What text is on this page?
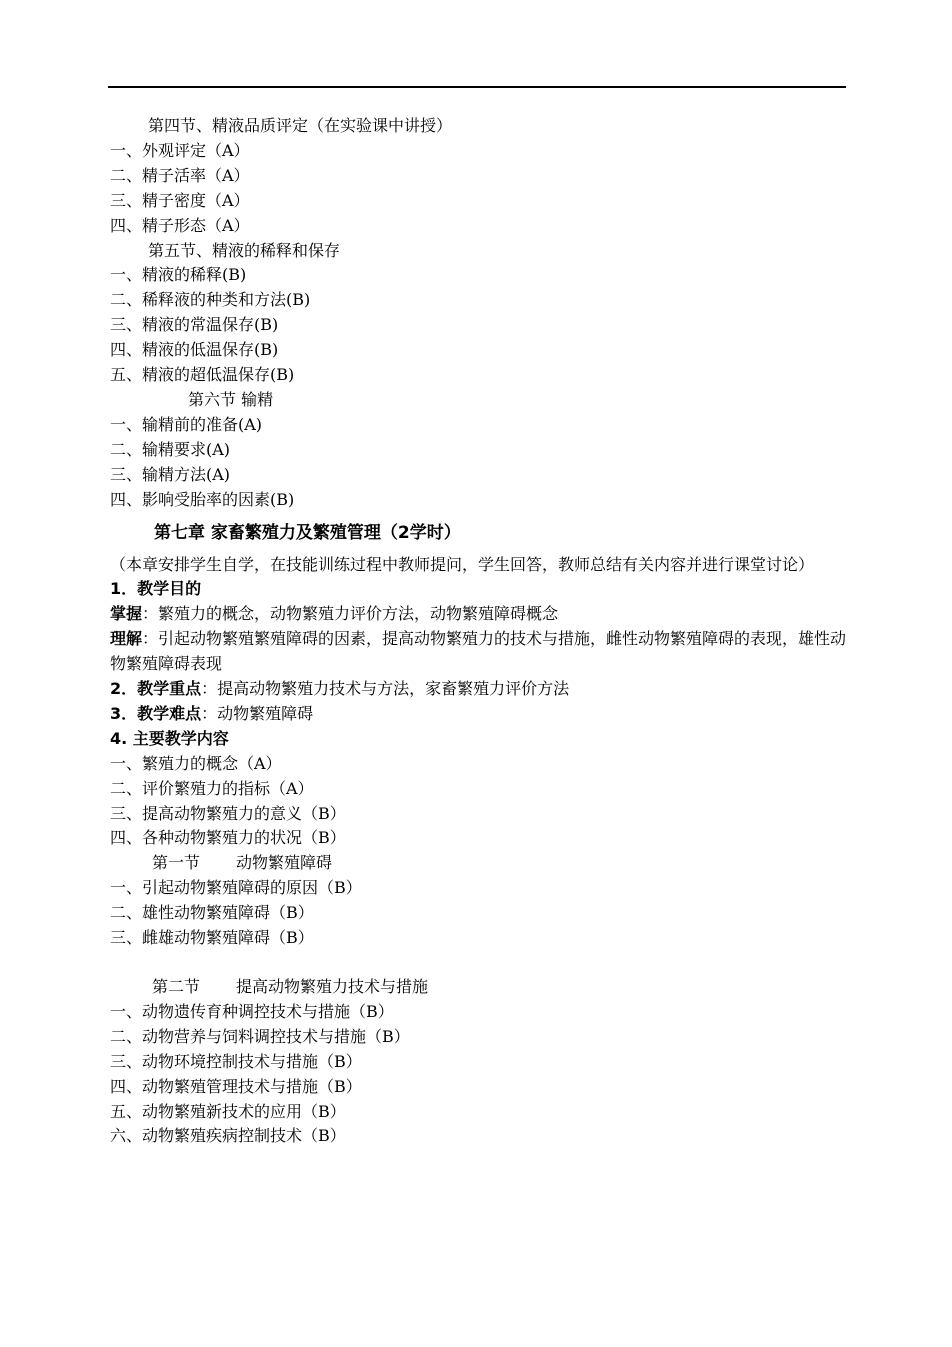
第四节、精液品质评定（在实验课中讲授）
一、外观评定（A）
二、精子活率（A）
三、精子密度（A）
四、精子形态（A）
第五节、精液的稀释和保存
一、精液的稀释(B)
二、稀释液的种类和方法(B)
三、精液的常温保存(B)
四、精液的低温保存(B)
五、精液的超低温保存(B)
第六节 输精
一、输精前的准备(A)
二、输精要求(A)
三、输精方法(A)
四、影响受胎率的因素(B)
第七章 家畜繁殖力及繁殖管理（2学时）
（本章安排学生自学，在技能训练过程中教师提问，学生回答，教师总结有关内容并进行课堂讨论）
1．教学目的
掌握：繁殖力的概念，动物繁殖力评价方法，动物繁殖障碍概念
理解：引起动物繁殖繁殖障碍的因素，提高动物繁殖力的技术与措施，雌性动物繁殖障碍的表现，雄性动物繁殖障碍表现
2．教学重点：提高动物繁殖力技术与方法，家畜繁殖力评价方法
3．教学难点：动物繁殖障碍
4. 主要教学内容
一、繁殖力的概念（A）
二、评价繁殖力的指标（A）
三、提高动物繁殖力的意义（B）
四、各种动物繁殖力的状况（B）
第一节 动物繁殖障碍
一、引起动物繁殖障碍的原因（B）
二、雄性动物繁殖障碍（B）
三、雌雄动物繁殖障碍（B）
第二节 提高动物繁殖力技术与措施
一、动物遗传育种调控技术与措施（B）
二、动物营养与饲料调控技术与措施（B）
三、动物环境控制技术与措施（B）
四、动物繁殖管理技术与措施（B）
五、动物繁殖新技术的应用（B）
六、动物繁殖疾病控制技术（B）
